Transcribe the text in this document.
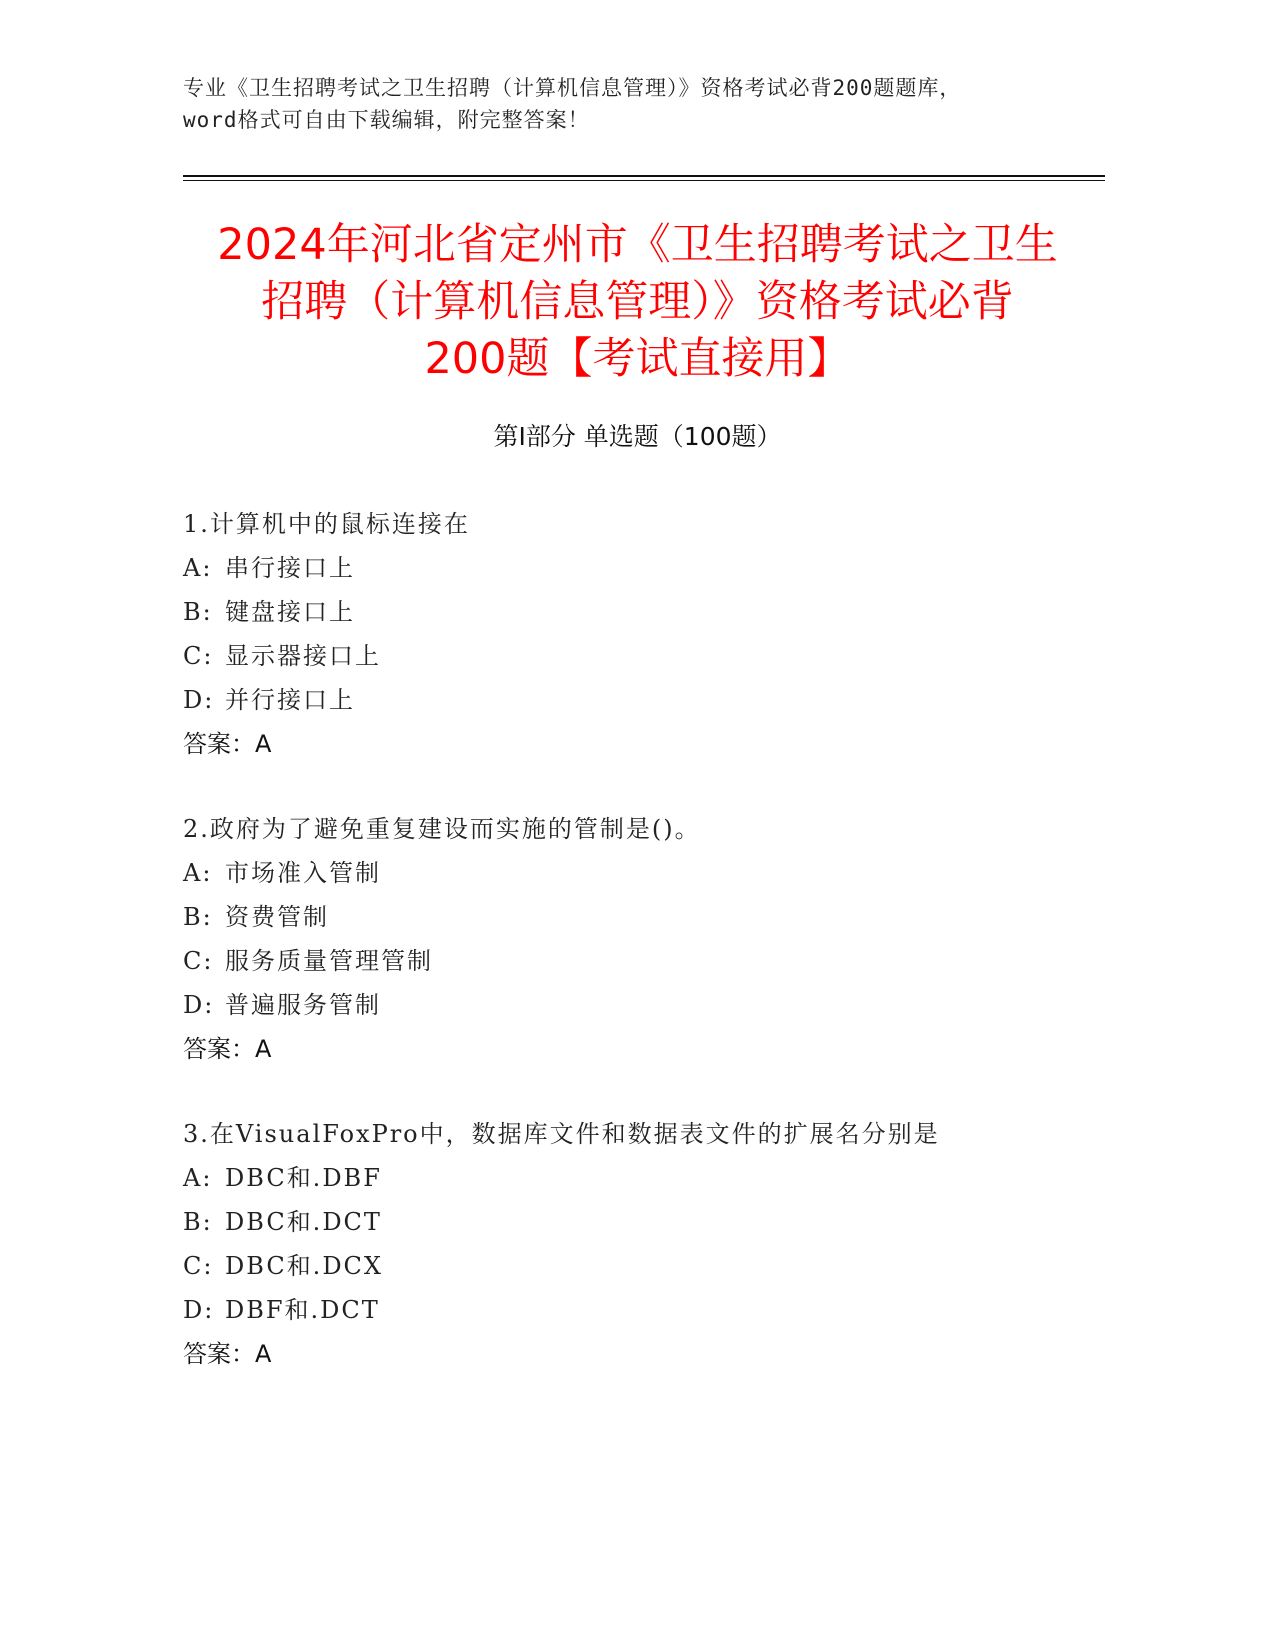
专业《卫生招聘考试之卫生招聘（计算机信息管理）》资格考试必背200题题库，
word格式可自由下载编辑，附完整答案！
2024年河北省定州市《卫生招聘考试之卫生
招聘（计算机信息管理）》资格考试必背
200题【考试直接用】
第Ⅰ部分 单选题（100题）
1.计算机中的鼠标连接在
A: 串行接口上
B: 键盘接口上
C: 显示器接口上
D: 并行接口上
答案：A
2.政府为了避免重复建设而实施的管制是()。
A: 市场准入管制
B: 资费管制
C: 服务质量管理管制
D: 普遍服务管制
答案：A
3.在VisualFoxPro中，数据库文件和数据表文件的扩展名分别是
A: DBC和.DBF
B: DBC和.DCT
C: DBC和.DCX
D: DBF和.DCT
答案：A
